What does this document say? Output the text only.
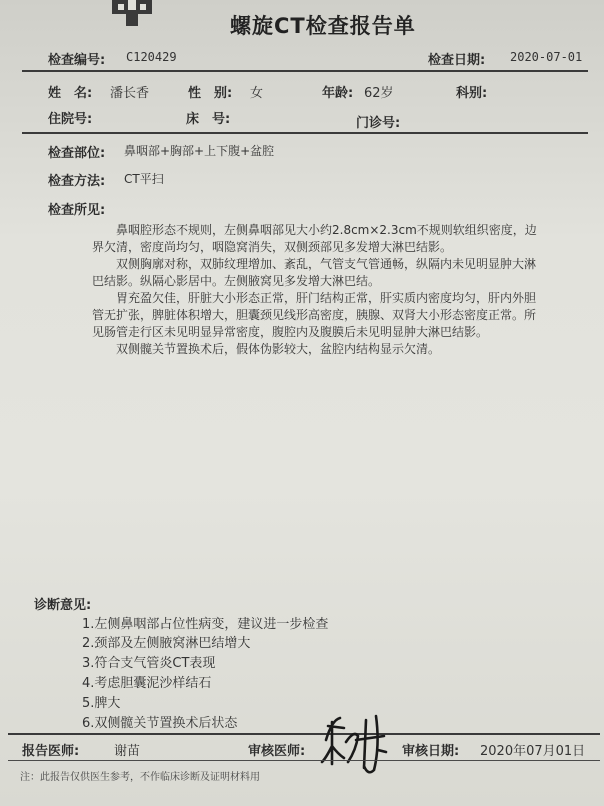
螺旋CT检查报告单
检查编号: C120429	检查日期: 2020-07-01
姓　名: 潘长香	性　别: 女	年龄: 62岁	科别:
住院号:	床　号:	门诊号:
检查部位: 鼻咽部+胸部+上下腹+盆腔
检查方法: CT平扫
检查所见:

鼻咽腔形态不规则，左侧鼻咽部见大小约2.8cm×2.3cm不规则软组织密度，边界欠清，密度尚均匀，咽隐窝消失，双侧颈部见多发增大淋巴结影。

双侧胸廓对称，双肺纹理增加、紊乱，气管支气管通畅，纵隔内未见明显肿大淋巴结影。纵隔心影居中。左侧腋窝见多发增大淋巴结。

胃充盈欠佳，肝脏大小形态正常，肝门结构正常，肝实质内密度均匀，肝内外胆管无扩张，脾脏体积增大，胆囊颈见线形高密度，胰腺、双肾大小形态密度正常。所见肠管走行区未见明显异常密度，腹腔内及腹膜后未见明显肿大淋巴结影。

双侧髋关节置换术后，假体伪影较大，盆腔内结构显示欠清。

诊断意见:
1.左侧鼻咽部占位性病变，建议进一步检查
2.颈部及左侧腋窝淋巴结增大
3.符合支气管炎CT表现
4.考虑胆囊泥沙样结石
5.脾大
6.双侧髋关节置换术后状态
报告医师:	谢苗	审核医师:	审核日期: 2020年07月01日
注：此报告仅供医生参考，不作临床诊断及证明材料用
